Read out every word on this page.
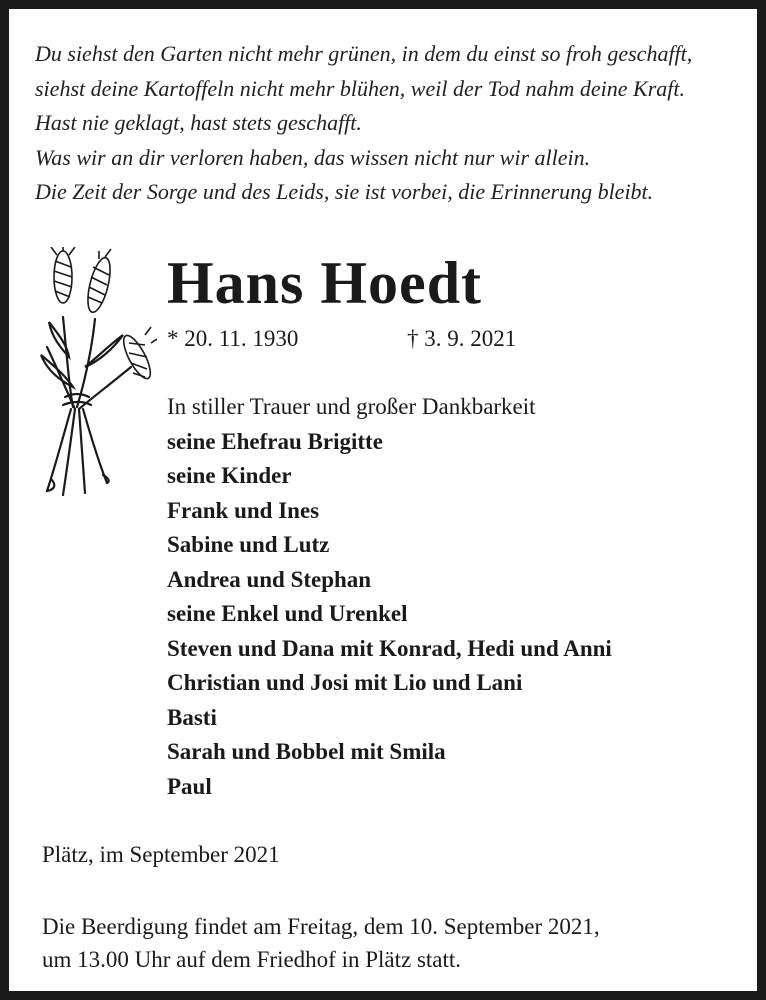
Du siehst den Garten nicht mehr grünen, in dem du einst so froh geschafft,
siehst deine Kartoffeln nicht mehr blühen, weil der Tod nahm deine Kraft.
Hast nie geklagt, hast stets geschafft.
Was wir an dir verloren haben, das wissen nicht nur wir allein.
Die Zeit der Sorge und des Leids, sie ist vorbei, die Erinnerung bleibt.
Hans Hoedt
* 20. 11. 1930	† 3. 9. 2021
In stiller Trauer und großer Dankbarkeit
seine Ehefrau Brigitte
seine Kinder
Frank und Ines
Sabine und Lutz
Andrea und Stephan
seine Enkel und Urenkel
Steven und Dana mit Konrad, Hedi und Anni
Christian und Josi mit Lio und Lani
Basti
Sarah und Bobbel mit Smila
Paul
Plätz, im September 2021
Die Beerdigung findet am Freitag, dem 10. September 2021,
um 13.00 Uhr auf dem Friedhof in Plätz statt.
